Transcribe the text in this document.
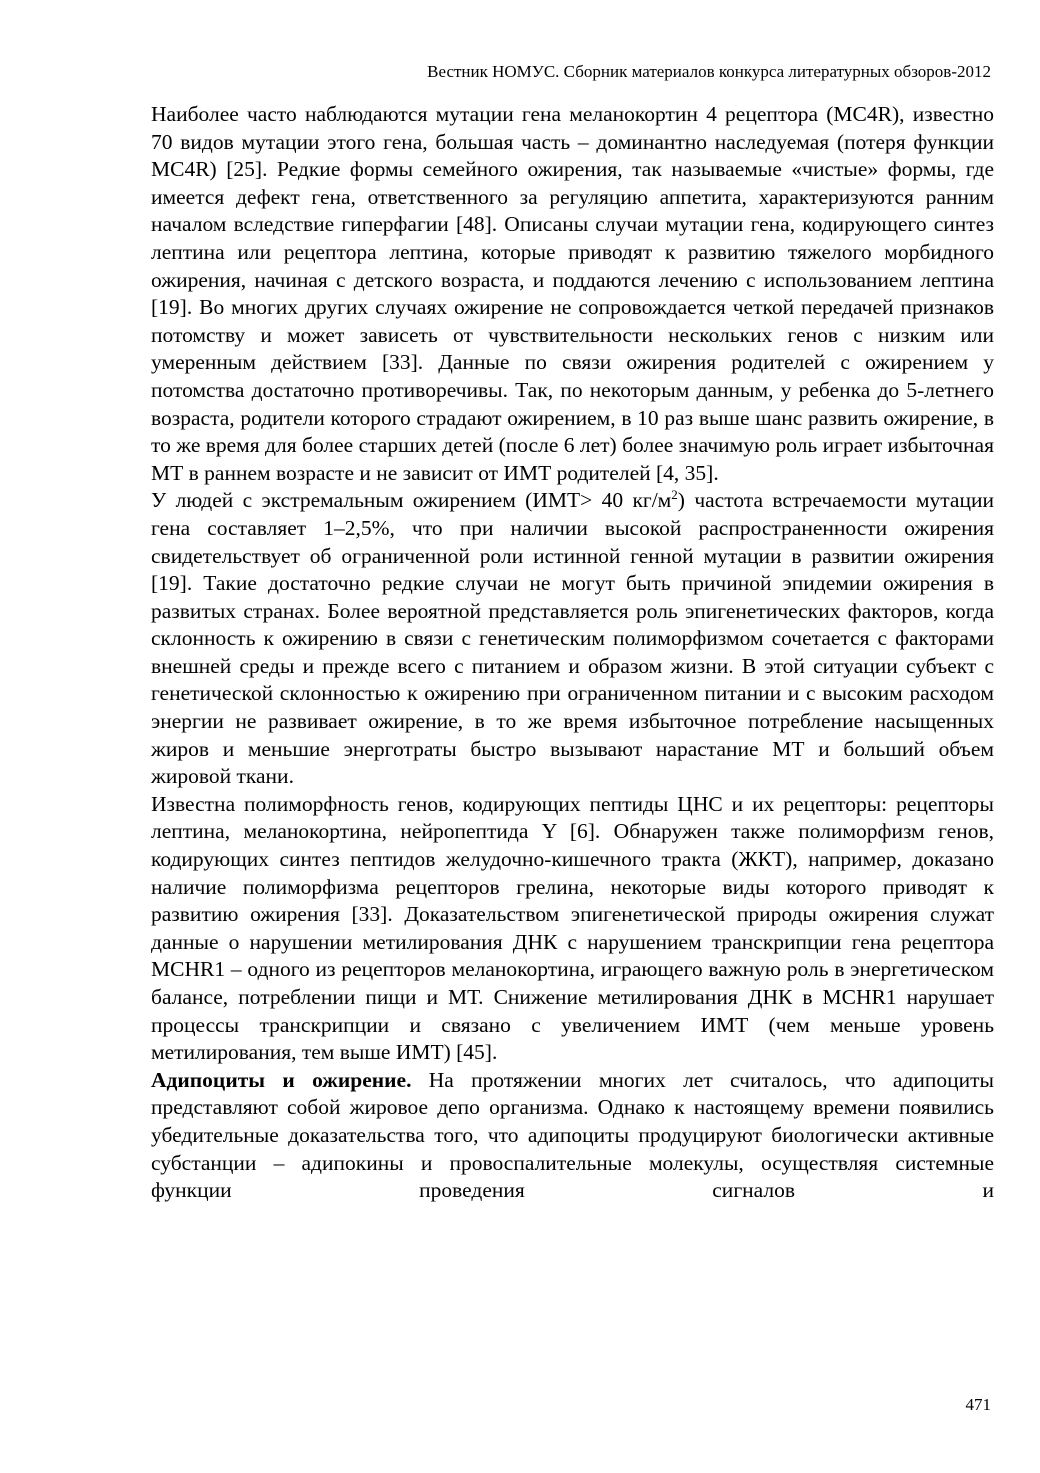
Вестник НОМУС. Сборник материалов конкурса литературных обзоров-2012

Наиболее часто наблюдаются мутации гена меланокортин 4 рецептора (MC4R), известно 70 видов мутации этого гена, большая часть – доминантно наследуемая (потеря функции MC4R) [25]. Редкие формы семейного ожирения, так называемые «чистые» формы, где имеется дефект гена, ответственного за регуляцию аппетита, характеризуются ранним началом вследствие гиперфагии [48]. Описаны случаи мутации гена, кодирующего синтез лептина или рецептора лептина, которые приводят к развитию тяжелого морбидного ожирения, начиная с детского возраста, и поддаются лечению с использованием лептина [19]. Во многих других случаях ожирение не сопровождается четкой передачей признаков потомству и может зависеть от чувствительности нескольких генов с низким или умеренным действием [33]. Данные по связи ожирения родителей с ожирением у потомства достаточно противоречивы. Так, по некоторым данным, у ребенка до 5-летнего возраста, родители которого страдают ожирением, в 10 раз выше шанс развить ожирение, в то же время для более старших детей (после 6 лет) более значимую роль играет избыточная МТ в раннем возрасте и не зависит от ИМТ родителей [4, 35].

У людей с экстремальным ожирением (ИМТ> 40 $кг/м^2$) частота встречаемости мутации гена составляет 1–2,5%, что при наличии высокой распространенности ожирения свидетельствует об ограниченной роли истинной генной мутации в развитии ожирения [19]. Такие достаточно редкие случаи не могут быть причиной эпидемии ожирения в развитых странах. Более вероятной представляется роль эпигенетических факторов, когда склонность к ожирению в связи с генетическим полиморфизмом сочетается с факторами внешней среды и прежде всего с питанием и образом жизни. В этой ситуации субъект с генетической склонностью к ожирению при ограниченном питании и с высоким расходом энергии не развивает ожирение, в то же время избыточное потребление насыщенных жиров и меньшие энерготраты быстро вызывают нарастание МТ и больший объем жировой ткани.

Известна полиморфность генов, кодирующих пептиды ЦНС и их рецепторы: рецепторы лептина, меланокортина, нейропептида Y [6]. Обнаружен также полиморфизм генов, кодирующих синтез пептидов желудочно-кишечного тракта (ЖКТ), например, доказано наличие полиморфизма рецепторов грелина, некоторые виды которого приводят к развитию ожирения [33]. Доказательством эпигенетической природы ожирения служат данные о нарушении метилирования ДНК с нарушением транскрипции гена рецептора MCHR1 – одного из рецепторов меланокортина, играющего важную роль в энергетическом балансе, потреблении пищи и МТ. Снижение метилирования ДНК в MCHR1 нарушает процессы транскрипции и связано с увеличением ИМТ (чем меньше уровень метилирования, тем выше ИМТ) [45].

Адипоциты и ожирение. На протяжении многих лет считалось, что адипоциты представляют собой жировое депо организма. Однако к настоящему времени появились убедительные доказательства того, что адипоциты продуцируют биологически активные субстанции – адипокины и провоспалительные молекулы, осуществляя системные функции проведения сигналов и

471
